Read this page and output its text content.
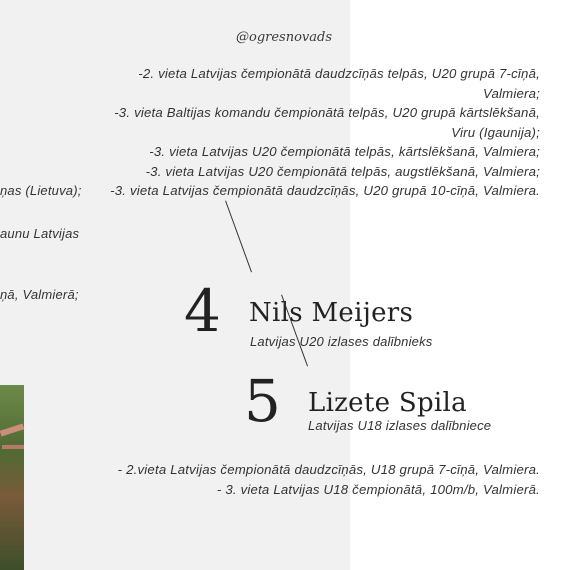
@ogresnovads
ņas (Lietuva);
aunu Latvijas
ņā, Valmierā;

-2. vieta Latvijas čempionātā daudzcīņās telpās, U20 grupā 7-cīņā, Valmiera;

-3. vieta Baltijas komandu čempionātā telpās, U20 grupā kārtslēkšanā, Viru (Igaunija);

-3. vieta Latvijas U20 čempionātā telpās, kārtslēkšanā, Valmiera;

-3. vieta Latvijas U20 čempionātā telpās, augstlēkšanā, Valmiera;

-3. vieta Latvijas čempionātā daudzcīņās, U20 grupā 10-cīņā, Valmiera.

4 Nils Meijers
Latvijas U20 izlases dalībnieks
5 Lizete Spila
Latvijas U18 izlases dalībniece

- 2.vieta Latvijas čempionātā daudzcīņās, U18 grupā 7-cīņā, Valmiera.

- 3. vieta Latvijas U18 čempionātā, 100m/b, Valmierā.
